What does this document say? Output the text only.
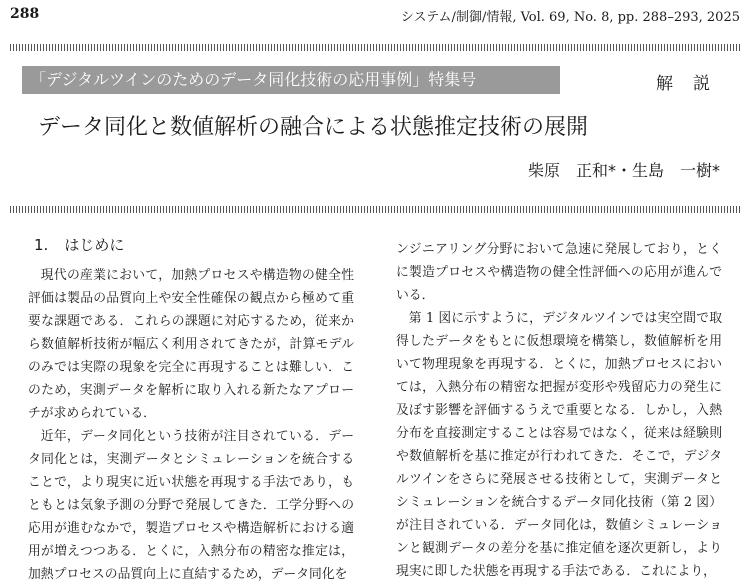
288	システム/制御/情報, Vol. 69, No. 8, pp. 288–293, 2025
「デジタルツインのためのデータ同化技術の応用事例」特集号	解説
データ同化と数値解析の融合による状態推定技術の展開
柴原　正和*・生島　一樹*
1. はじめに

現代の産業において，加熱プロセスや構造物の健全性評価は製品の品質向上や安全性確保の観点から極めて重要な課題である．これらの課題に対応するため，従来から数値解析技術が幅広く利用されてきたが，計算モデルのみでは実際の現象を完全に再現することは難しい．このため，実測データを解析に取り入れる新たなアプローチが求められている．

近年，データ同化という技術が注目されている．データ同化とは，実測データとシミュレーションを統合することで，より現実に近い状態を再現する手法であり，もともとは気象予測の分野で発展してきた．工学分野への応用が進むなかで，製造プロセスや構造解析における適用が増えつつある．とくに，入熱分布の精密な推定は，加熱プロセスの品質向上に直結するため，データ同化を

ンジニアリング分野において急速に発展しており，とくに製造プロセスや構造物の健全性評価への応用が進んでいる．

第 1 図に示すように，デジタルツインでは実空間で取得したデータをもとに仮想環境を構築し，数値解析を用いて物理現象を再現する．とくに，加熱プロセスにおいては，入熱分布の精密な把握が変形や残留応力の発生に及ぼす影響を評価するうえで重要となる．しかし，入熱分布を直接測定することは容易ではなく，従来は経験則や数値解析を基に推定が行われてきた．そこで，デジタルツインをさらに発展させる技術として，実測データとシミュレーションを統合するデータ同化技術（第 2 図）が注目されている．データ同化は，数値シミュレーションと観測データの差分を基に推定値を逐次更新し，より現実に即した状態を再現する手法である．これにより，
